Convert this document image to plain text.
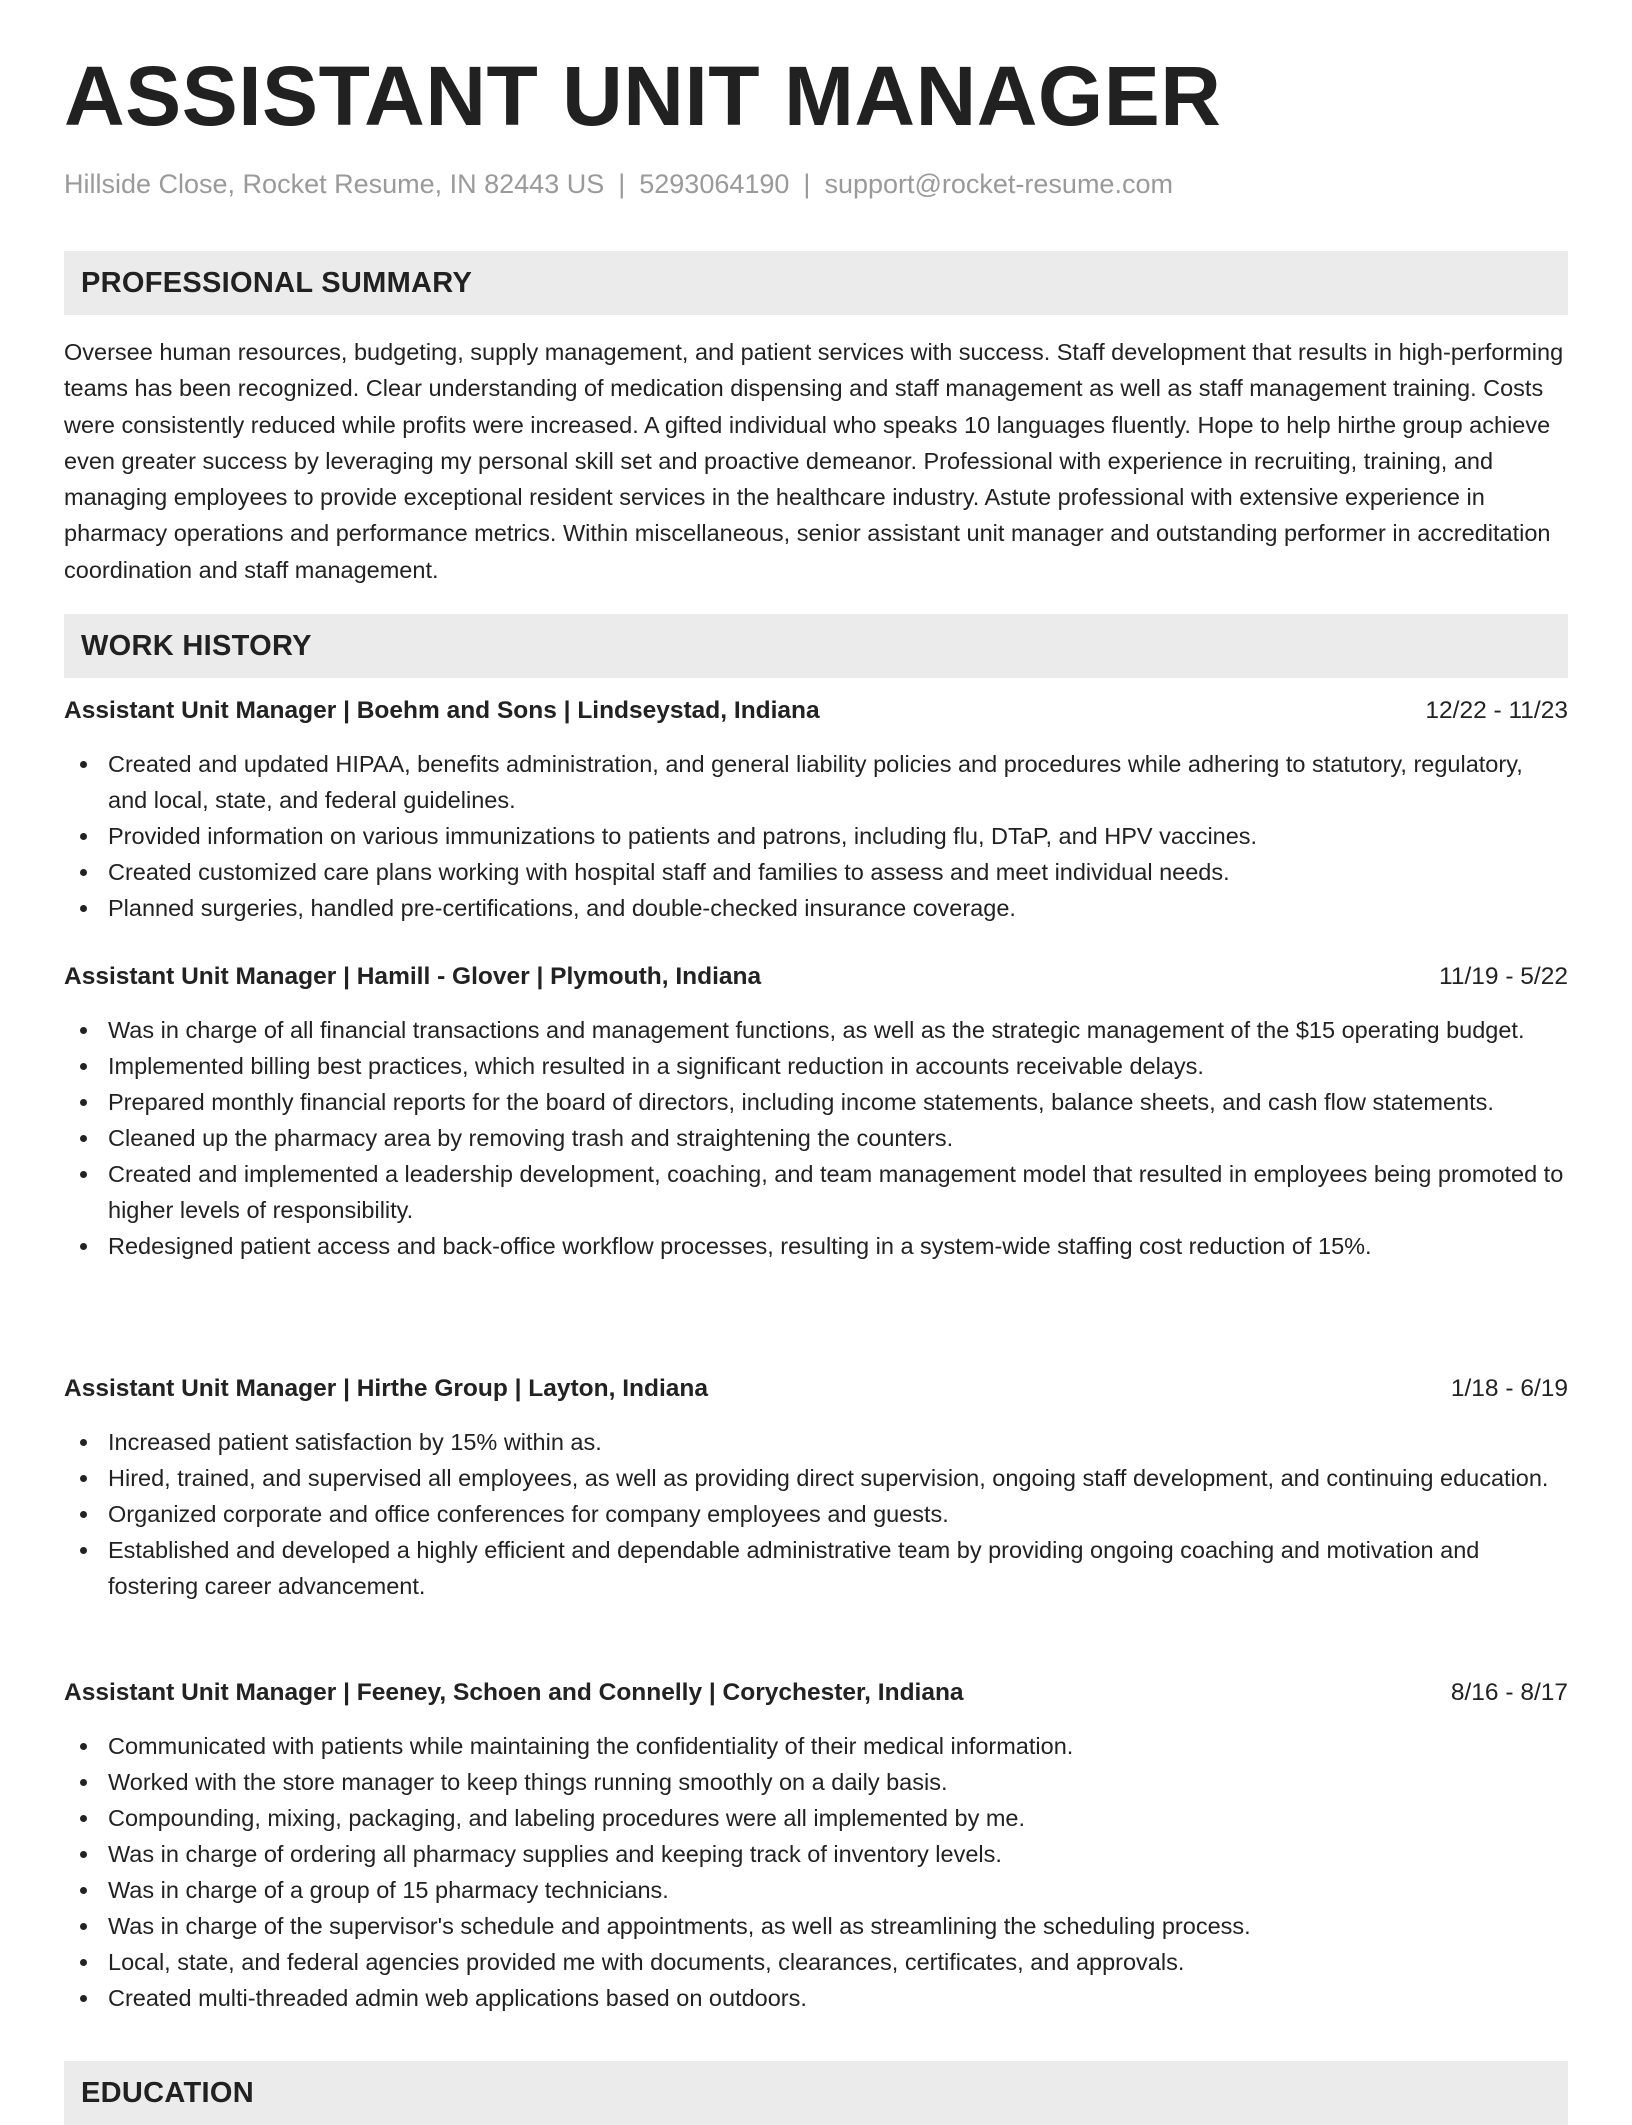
ASSISTANT UNIT MANAGER
Hillside Close, Rocket Resume, IN 82443 US | 5293064190 | support@rocket-resume.com
PROFESSIONAL SUMMARY

Oversee human resources, budgeting, supply management, and patient services with success. Staff development that results in high-performing teams has been recognized. Clear understanding of medication dispensing and staff management as well as staff management training. Costs were consistently reduced while profits were increased. A gifted individual who speaks 10 languages fluently. Hope to help hirthe group achieve even greater success by leveraging my personal skill set and proactive demeanor. Professional with experience in recruiting, training, and managing employees to provide exceptional resident services in the healthcare industry. Astute professional with extensive experience in pharmacy operations and performance metrics. Within miscellaneous, senior assistant unit manager and outstanding performer in accreditation coordination and staff management.

WORK HISTORY
Assistant Unit Manager | Boehm and Sons | Lindseystad, Indiana	12/22 - 11/23
Created and updated HIPAA, benefits administration, and general liability policies and procedures while adhering to statutory, regulatory, and local, state, and federal guidelines.
Provided information on various immunizations to patients and patrons, including flu, DTaP, and HPV vaccines.
Created customized care plans working with hospital staff and families to assess and meet individual needs.
Planned surgeries, handled pre-certifications, and double-checked insurance coverage.
Assistant Unit Manager | Hamill - Glover | Plymouth, Indiana	11/19 - 5/22
Was in charge of all financial transactions and management functions, as well as the strategic management of the $15 operating budget.
Implemented billing best practices, which resulted in a significant reduction in accounts receivable delays.
Prepared monthly financial reports for the board of directors, including income statements, balance sheets, and cash flow statements.
Cleaned up the pharmacy area by removing trash and straightening the counters.
Created and implemented a leadership development, coaching, and team management model that resulted in employees being promoted to higher levels of responsibility.
Redesigned patient access and back-office workflow processes, resulting in a system-wide staffing cost reduction of 15%.
Assistant Unit Manager | Hirthe Group | Layton, Indiana	1/18 - 6/19
Increased patient satisfaction by 15% within as.
Hired, trained, and supervised all employees, as well as providing direct supervision, ongoing staff development, and continuing education.
Organized corporate and office conferences for company employees and guests.
Established and developed a highly efficient and dependable administrative team by providing ongoing coaching and motivation and fostering career advancement.
Assistant Unit Manager | Feeney, Schoen and Connelly | Corychester, Indiana	8/16 - 8/17
Communicated with patients while maintaining the confidentiality of their medical information.
Worked with the store manager to keep things running smoothly on a daily basis.
Compounding, mixing, packaging, and labeling procedures were all implemented by me.
Was in charge of ordering all pharmacy supplies and keeping track of inventory levels.
Was in charge of a group of 15 pharmacy technicians.
Was in charge of the supervisor's schedule and appointments, as well as streamlining the scheduling process.
Local, state, and federal agencies provided me with documents, clearances, certificates, and approvals.
Created multi-threaded admin web applications based on outdoors.
EDUCATION
